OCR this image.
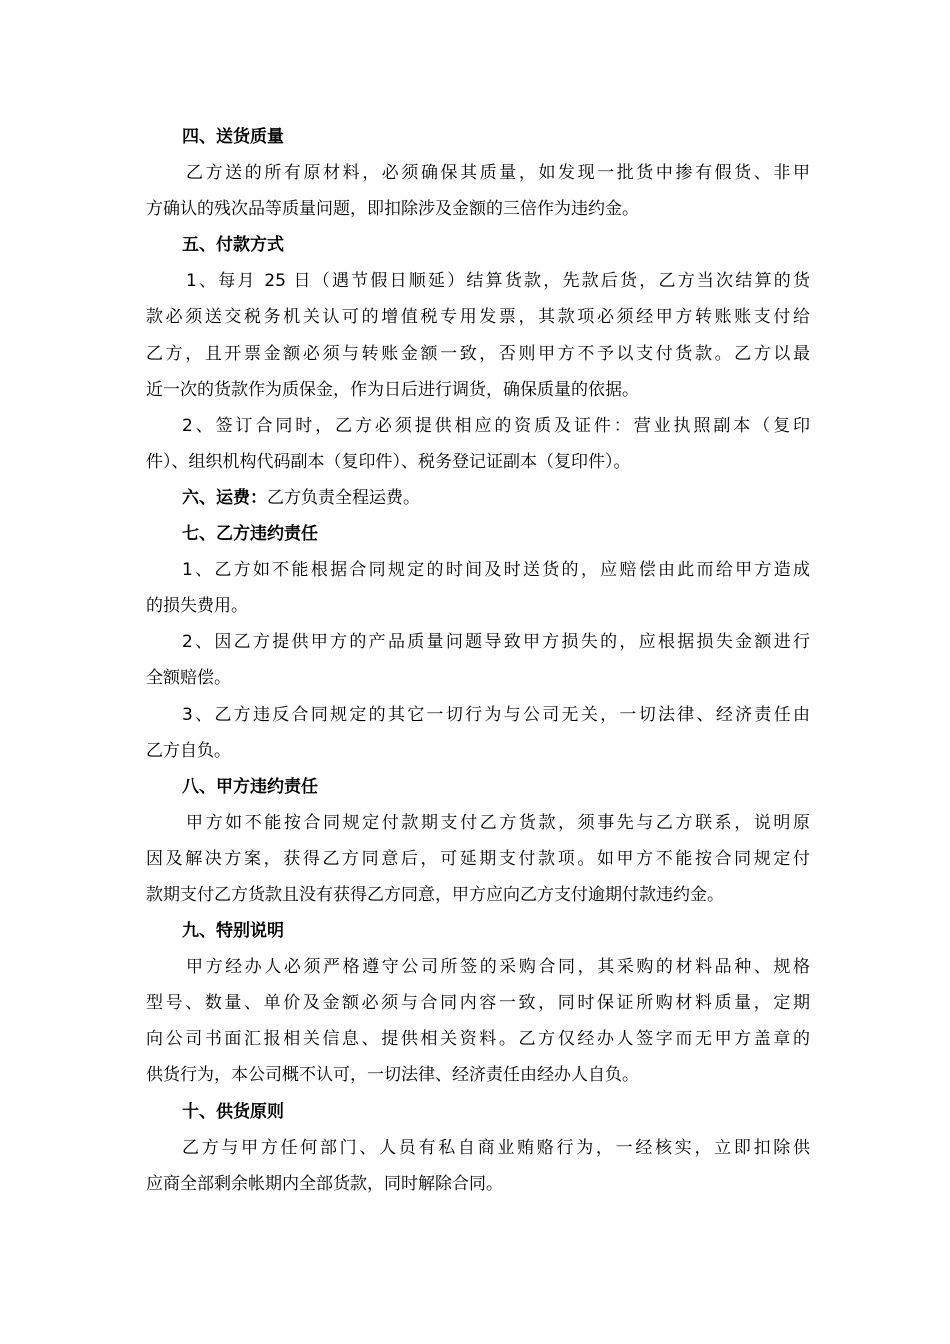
四、送货质量
乙方送的所有原材料，必须确保其质量，如发现一批货中掺有假货、非甲
方确认的残次品等质量问题，即扣除涉及金额的三倍作为违约金。
五、付款方式
1、每月 25 日（遇节假日顺延）结算货款，先款后货，乙方当次结算的货
款必须送交税务机关认可的增值税专用发票，其款项必须经甲方转账账支付给
乙方，且开票金额必须与转账金额一致，否则甲方不予以支付货款。乙方以最
近一次的货款作为质保金，作为日后进行调货，确保质量的依据。
2、签订合同时，乙方必须提供相应的资质及证件：营业执照副本（复印
件）、组织机构代码副本（复印件）、税务登记证副本（复印件）。
六、运费：乙方负责全程运费。
七、乙方违约责任
1、乙方如不能根据合同规定的时间及时送货的，应赔偿由此而给甲方造成
的损失费用。
2、因乙方提供甲方的产品质量问题导致甲方损失的，应根据损失金额进行
全额赔偿。
3、乙方违反合同规定的其它一切行为与公司无关，一切法律、经济责任由
乙方自负。
八、甲方违约责任
甲方如不能按合同规定付款期支付乙方货款，须事先与乙方联系，说明原
因及解决方案，获得乙方同意后，可延期支付款项。如甲方不能按合同规定付
款期支付乙方货款且没有获得乙方同意，甲方应向乙方支付逾期付款违约金。
九、特别说明
甲方经办人必须严格遵守公司所签的采购合同，其采购的材料品种、规格
型号、数量、单价及金额必须与合同内容一致，同时保证所购材料质量，定期
向公司书面汇报相关信息、提供相关资料。乙方仅经办人签字而无甲方盖章的
供货行为，本公司概不认可，一切法律、经济责任由经办人自负。
十、供货原则
乙方与甲方任何部门、人员有私自商业贿赂行为，一经核实，立即扣除供
应商全部剩余帐期内全部货款，同时解除合同。
